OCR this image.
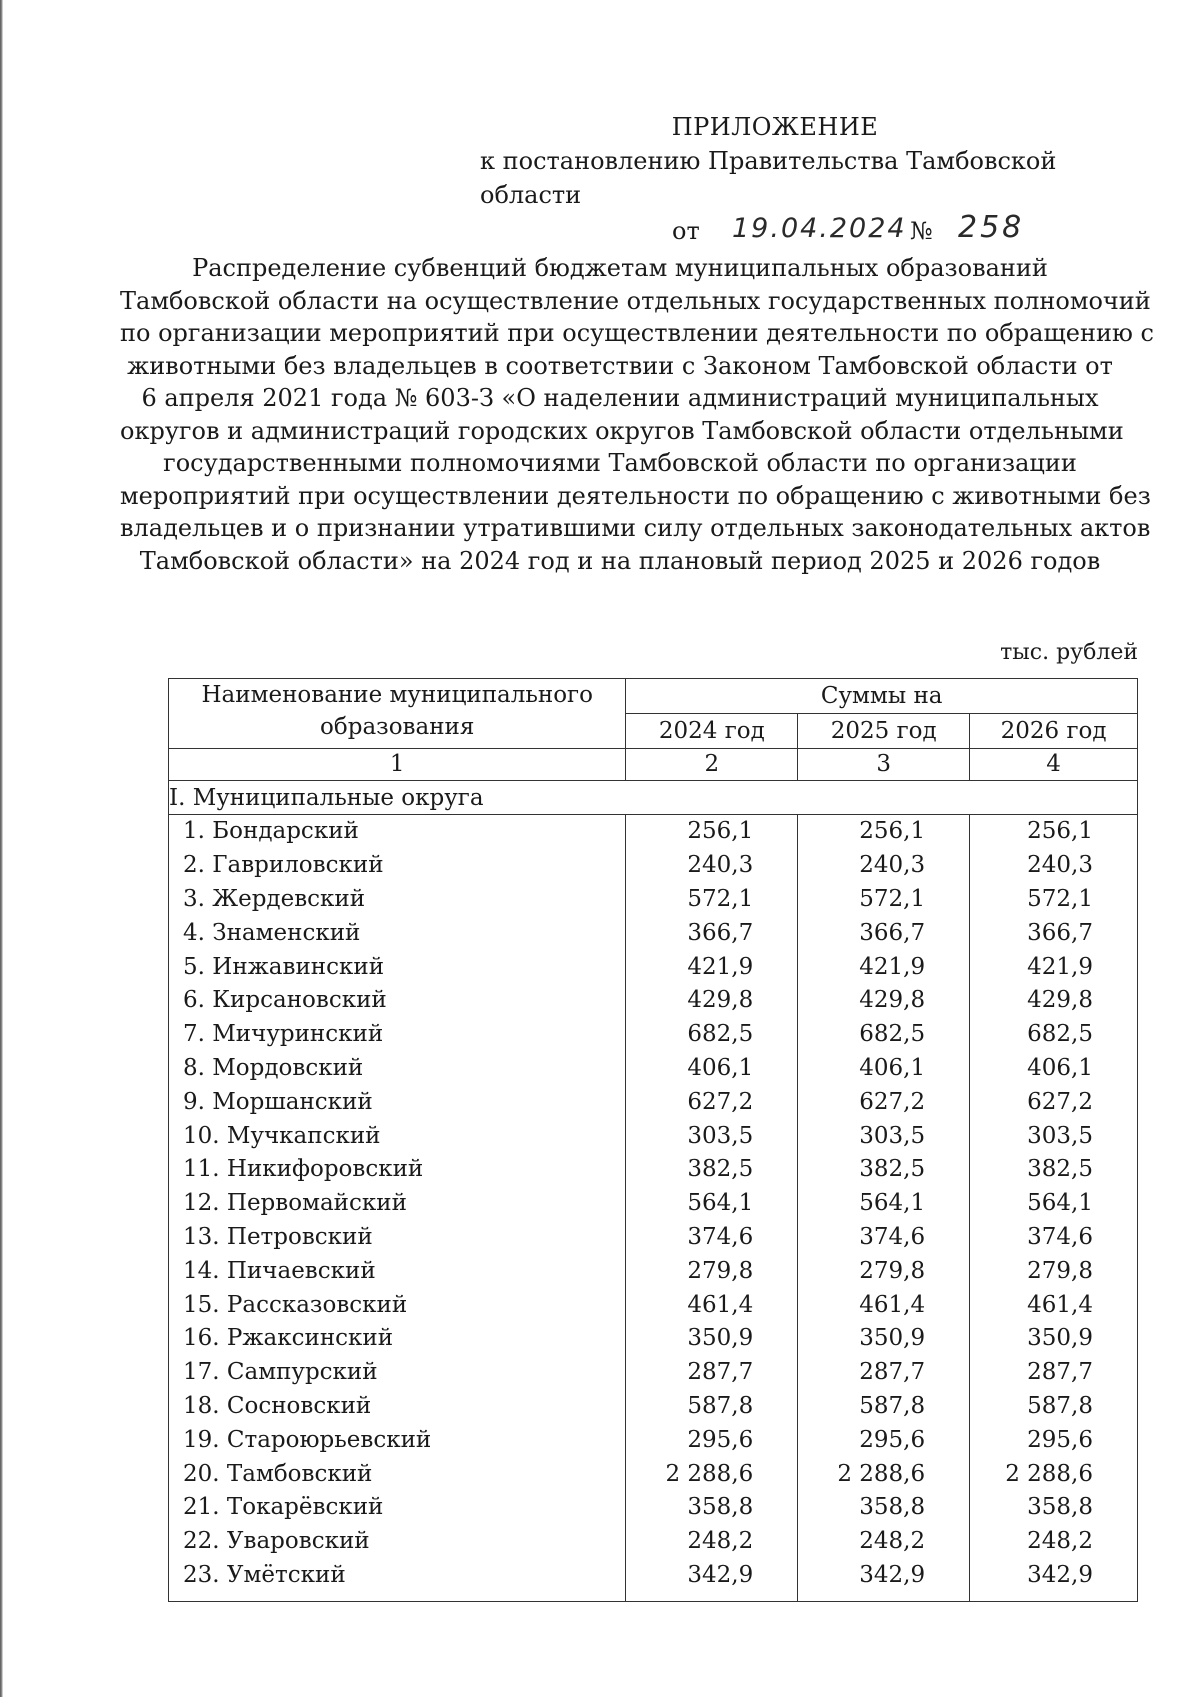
ПРИЛОЖЕНИЕ
к постановлению Правительства Тамбовской области
от 19.04.2024 № 258
Распределение субвенций бюджетам муниципальных образований
Тамбовской области на осуществление отдельных государственных полномочий
по организации мероприятий при осуществлении деятельности по обращению с
животными без владельцев в соответствии с Законом Тамбовской области от
6 апреля 2021 года № 603-З «О наделении администраций муниципальных
округов и администраций городских округов Тамбовской области отдельными
государственными полномочиями Тамбовской области по организации
мероприятий при осуществлении деятельности по обращению с животными без
владельцев и о признании утратившими силу отдельных законодательных актов
Тамбовской области» на 2024 год и на плановый период 2025 и 2026 годов
тыс. рублей
Наименование муниципального образования	Суммы на		
	2024 год	2025 год	2026 год
1	2	3	4
I. Муниципальные округа			
1. Бондарский	256,1	256,1	256,1
2. Гавриловский	240,3	240,3	240,3
3. Жердевский	572,1	572,1	572,1
4. Знаменский	366,7	366,7	366,7
5. Инжавинский	421,9	421,9	421,9
6. Кирсановский	429,8	429,8	429,8
7. Мичуринский	682,5	682,5	682,5
8. Мордовский	406,1	406,1	406,1
9. Моршанский	627,2	627,2	627,2
10. Мучкапский	303,5	303,5	303,5
11. Никифоровский	382,5	382,5	382,5
12. Первомайский	564,1	564,1	564,1
13. Петровский	374,6	374,6	374,6
14. Пичаевский	279,8	279,8	279,8
15. Рассказовский	461,4	461,4	461,4
16. Ржаксинский	350,9	350,9	350,9
17. Сампурский	287,7	287,7	287,7
18. Сосновский	587,8	587,8	587,8
19. Староюрьевский	295,6	295,6	295,6
20. Тамбовский	2 288,6	2 288,6	2 288,6
21. Токарёвский	358,8	358,8	358,8
22. Уваровский	248,2	248,2	248,2
23. Умётский	342,9	342,9	342,9
